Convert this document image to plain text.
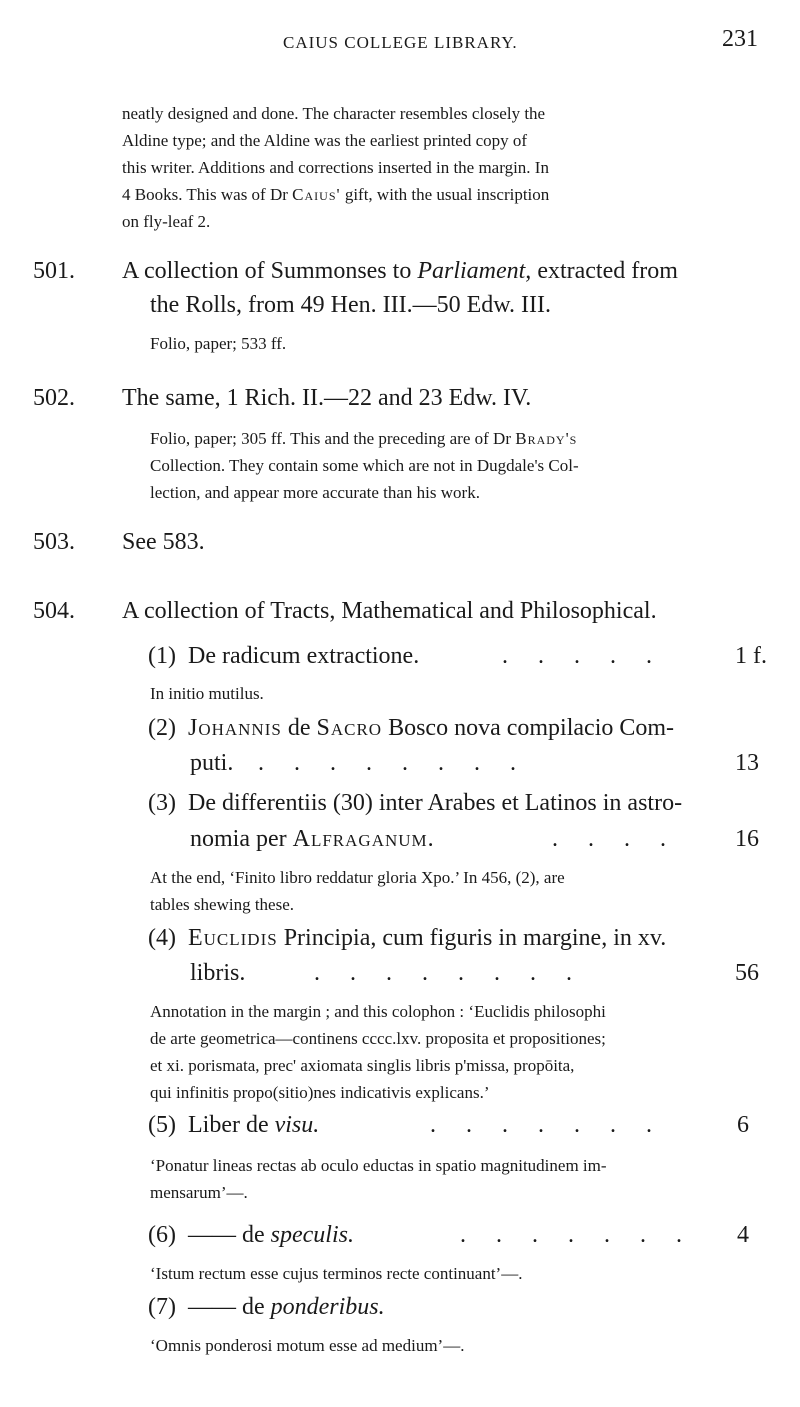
CAIUS COLLEGE LIBRARY.	231
neatly designed and done. The character resembles closely the
Aldine type; and the Aldine was the earliest printed copy of
this writer. Additions and corrections inserted in the margin. In
4 Books. This was of Dr Caius' gift, with the usual inscription
on fly-leaf 2.
501. A collection of Summonses to Parliament, extracted from
the Rolls, from 49 Hen. III.—50 Edw. III.
Folio, paper; 533 ff.
502. The same, 1 Rich. II.—22 and 23 Edw. IV.
Folio, paper; 305 ff. This and the preceding are of Dr Brady's
Collection. They contain some which are not in Dugdale's Col-
lection, and appear more accurate than his work.
503. See 583.
504. A collection of Tracts, Mathematical and Philosophical.
(1) De radicum extractione.	. . . . .	1 f.
In initio mutilus.
(2) Johannis de Sacro Bosco nova compilacio Com-
puti. . . . . . . . .	13
(3) De differentiis (30) inter Arabes et Latinos in astro-
nomia per Alfraganum.	. . . . 16
At the end, ‘Finito libro reddatur gloria Xpo.’ In 456, (2), are
tables shewing these.
(4) Euclidis Principia, cum figuris in margine, in xv.
libris.	. . . . . . . .	56
Annotation in the margin ; and this colophon : ‘Euclidis philosophi
de arte geometrica—continens cccc.lxv. proposita et propositiones;
et xi. porismata, prec' axiomata singlis libris p'missa, propōita,
qui infinitis propo(sitio)nes indicativis explicans.’
(5) Liber de visu.	. . . . . . .	6
‘Ponatur lineas rectas ab oculo eductas in spatio magnitudinem im-
mensarum’—.
(6) —— de speculis.	. . . . . . . 4
‘Istum rectum esse cujus terminos recte continuant’—.
(7) —— de ponderibus.
‘Omnis ponderosi motum esse ad medium’—.
